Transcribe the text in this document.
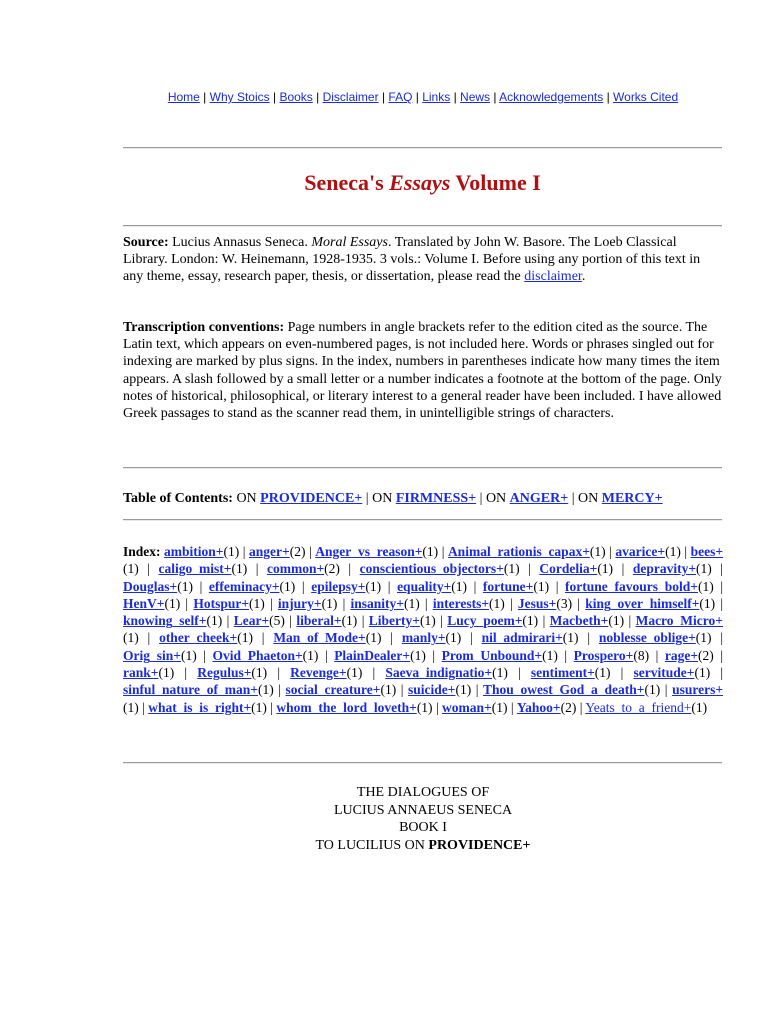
Home | Why Stoics | Books | Disclaimer | FAQ | Links | News | Acknowledgements | Works Cited
Seneca's Essays Volume I
Source: Lucius Annasus Seneca. Moral Essays. Translated by John W. Basore. The Loeb Classical Library. London: W. Heinemann, 1928-1935. 3 vols.: Volume I. Before using any portion of this text in any theme, essay, research paper, thesis, or dissertation, please read the disclaimer.
Transcription conventions: Page numbers in angle brackets refer to the edition cited as the source. The Latin text, which appears on even-numbered pages, is not included here. Words or phrases singled out for indexing are marked by plus signs. In the index, numbers in parentheses indicate how many times the item appears. A slash followed by a small letter or a number indicates a footnote at the bottom of the page. Only notes of historical, philosophical, or literary interest to a general reader have been included. I have allowed Greek passages to stand as the scanner read them, in unintelligible strings of characters.
Table of Contents: ON PROVIDENCE+ | ON FIRMNESS+ | ON ANGER+ | ON MERCY+
Index: ambition+(1) | anger+(2) | Anger_vs_reason+(1) | Animal_rationis_capax+(1) | avarice+(1) | bees+(1) | caligo_mist+(1) | common+(2) | conscientious_objectors+(1) | Cordelia+(1) | depravity+(1) | Douglas+(1) | effeminacy+(1) | epilepsy+(1) | equality+(1) | fortune+(1) | fortune_favours_bold+(1) | HenV+(1) | Hotspur+(1) | injury+(1) | insanity+(1) | interests+(1) | Jesus+(3) | king_over_himself+(1) | knowing_self+(1) | Lear+(5) | liberal+(1) | Liberty+(1) | Lucy_poem+(1) | Macbeth+(1) | Macro_Micro+(1) | other_cheek+(1) | Man_of_Mode+(1) | manly+(1) | nil_admirari+(1) | noblesse_oblige+(1) | Orig_sin+(1) | Ovid_Phaeton+(1) | PlainDealer+(1) | Prom_Unbound+(1) | Prospero+(8) | rage+(2) | rank+(1) | Regulus+(1) | Revenge+(1) | Saeva_indignatio+(1) | sentiment+(1) | servitude+(1) | sinful_nature_of_man+(1) | social_creature+(1) | suicide+(1) | Thou_owest_God_a_death+(1) | usurers+(1) | what_is_is_right+(1) | whom_the_lord_loveth+(1) | woman+(1) | Yahoo+(2) | Yeats_to_a_friend+(1)
THE DIALOGUES OF
LUCIUS ANNAEUS SENECA
BOOK I
TO LUCILIUS ON PROVIDENCE+
